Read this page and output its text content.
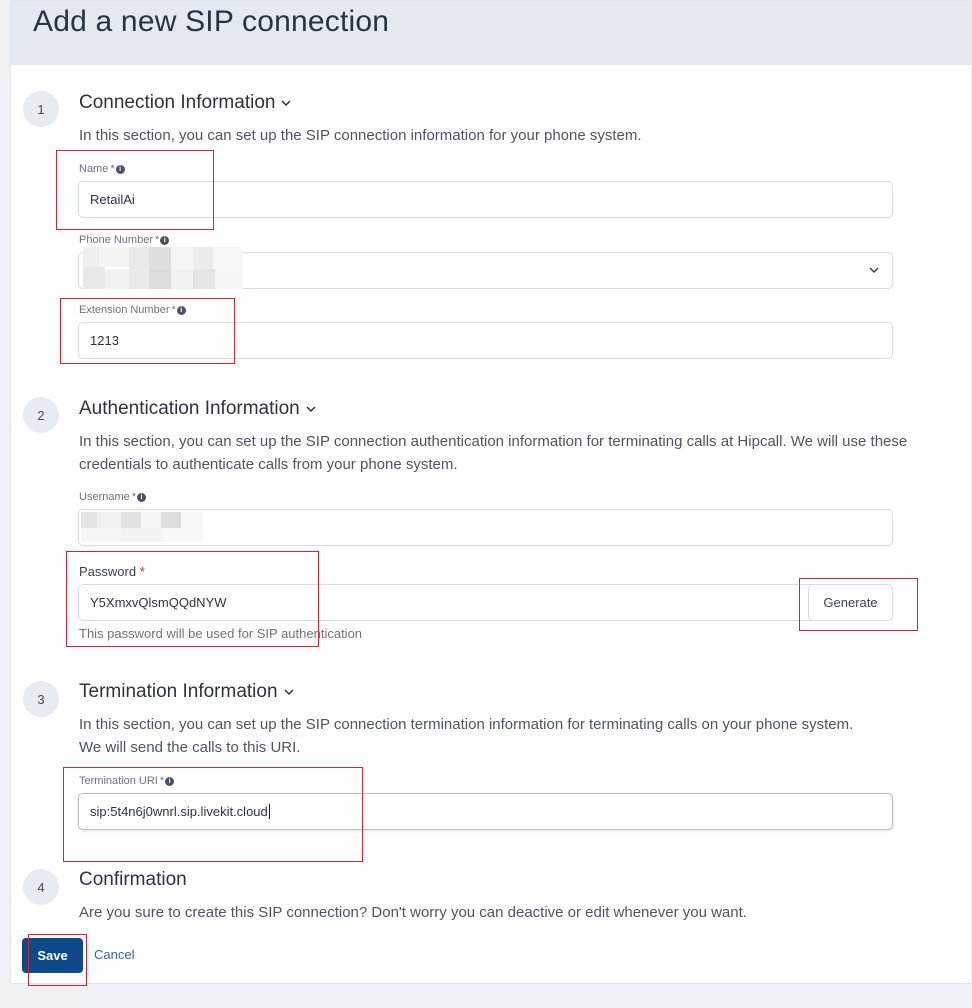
Add a new SIP connection
1	Connection Information
In this section, you can set up the SIP connection information for your phone system.
Name * i
RetailAi
Phone Number * i
Extension Number * i
1213
2	Authentication Information
In this section, you can set up the SIP connection authentication information for terminating calls at Hipcall. We will use these credentials to authenticate calls from your phone system.
Username * i
Password *
Y5XmxvQlsmQQdNYW	Generate
This password will be used for SIP authentication
3	Termination Information
In this section, you can set up the SIP connection termination information for terminating calls on your phone system. We will send the calls to this URI.
Termination URI * i
sip:5t4n6j0wnrl.sip.livekit.cloud
4	Confirmation
Are you sure to create this SIP connection? Don't worry you can deactive or edit whenever you want.
Save	Cancel
